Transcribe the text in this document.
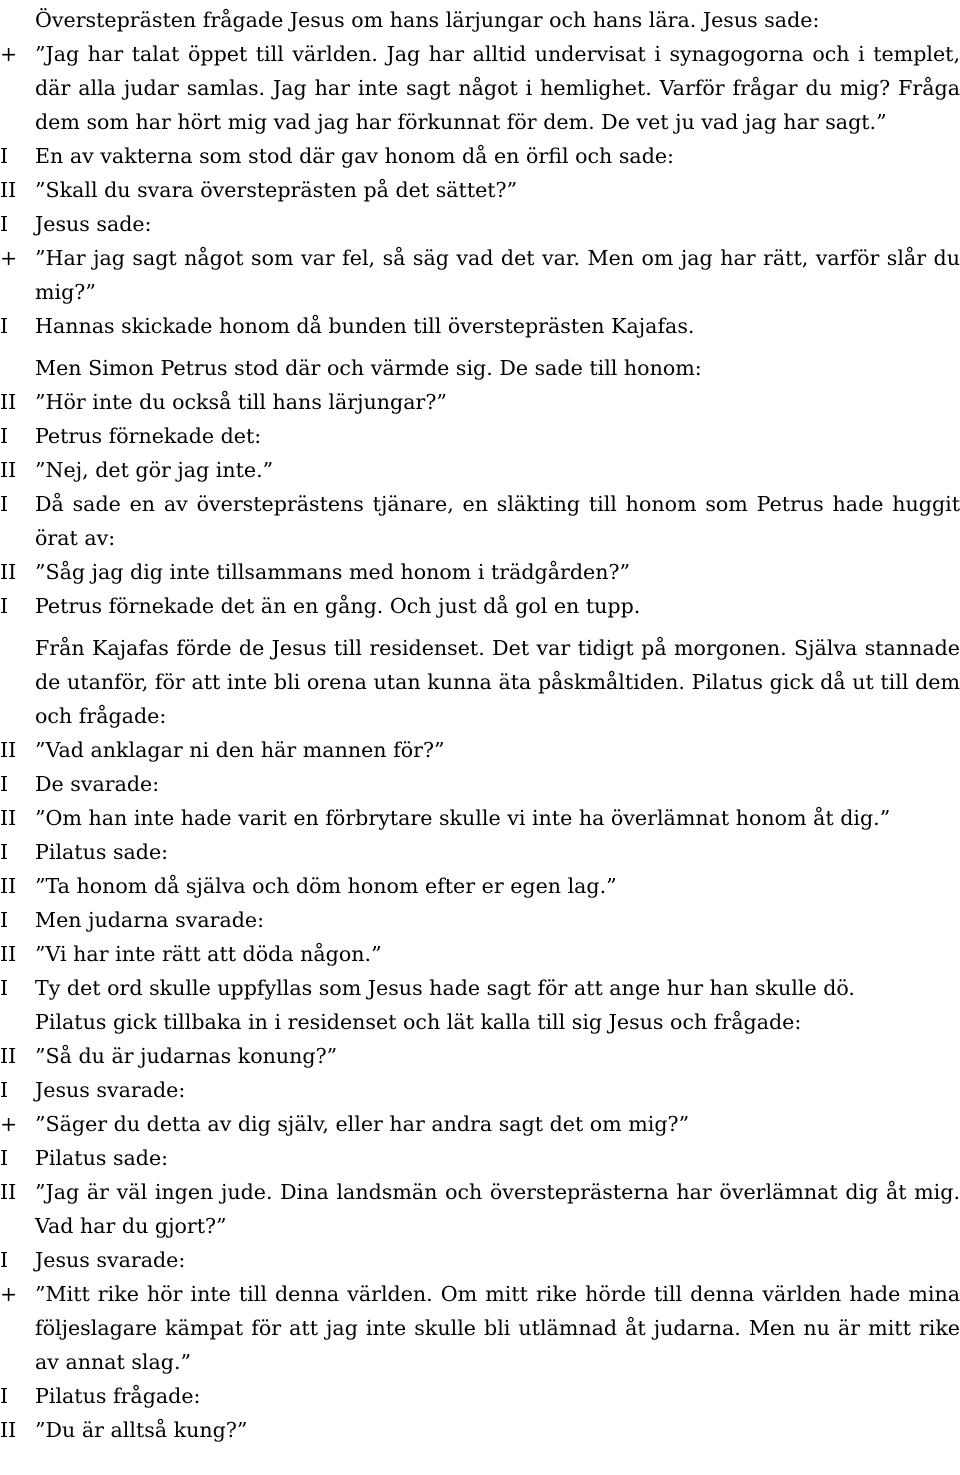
Översteprästen frågade Jesus om hans lärjungar och hans lära. Jesus sade:
+ ”Jag har talat öppet till världen. Jag har alltid undervisat i synagogorna och i templet, där alla judar samlas. Jag har inte sagt något i hemlighet. Varför frågar du mig? Fråga dem som har hört mig vad jag har förkunnat för dem. De vet ju vad jag har sagt.”
I	En av vakterna som stod där gav honom då en örfil och sade:
II ”Skall du svara översteprästen på det sättet?”
I	Jesus sade:
+ ”Har jag sagt något som var fel, så säg vad det var. Men om jag har rätt, varför slår du mig?”
I	Hannas skickade honom då bunden till översteprästen Kajafas.
Men Simon Petrus stod där och värmde sig. De sade till honom:
II ”Hör inte du också till hans lärjungar?”
I	Petrus förnekade det:
II ”Nej, det gör jag inte.”
I	Då sade en av översteprästens tjänare, en släkting till honom som Petrus hade huggit örat av:
II ”Såg jag dig inte tillsammans med honom i trädgården?”
I	Petrus förnekade det än en gång. Och just då gol en tupp.
Från Kajafas förde de Jesus till residenset. Det var tidigt på morgonen. Själva stannade de utanför, för att inte bli orena utan kunna äta påskmåltiden. Pilatus gick då ut till dem och frågade:
II ”Vad anklagar ni den här mannen för?”
I	De svarade:
II ”Om han inte hade varit en förbrytare skulle vi inte ha överlämnat honom åt dig.”
I	Pilatus sade:
II ”Ta honom då själva och döm honom efter er egen lag.”
I	Men judarna svarade:
II ”Vi har inte rätt att döda någon.”
I	Ty det ord skulle uppfyllas som Jesus hade sagt för att ange hur han skulle dö.
Pilatus gick tillbaka in i residenset och lät kalla till sig Jesus och frågade:
II ”Så du är judarnas konung?”
I	Jesus svarade:
+ ”Säger du detta av dig själv, eller har andra sagt det om mig?”
I	Pilatus sade:
II ”Jag är väl ingen jude. Dina landsmän och översteprästerna har överlämnat dig åt mig. Vad har du gjort?”
I	Jesus svarade:
+ ”Mitt rike hör inte till denna världen. Om mitt rike hörde till denna världen hade mina följeslagare kämpat för att jag inte skulle bli utlämnad åt judarna. Men nu är mitt rike av annat slag.”
I	Pilatus frågade:
II ”Du är alltså kung?”
